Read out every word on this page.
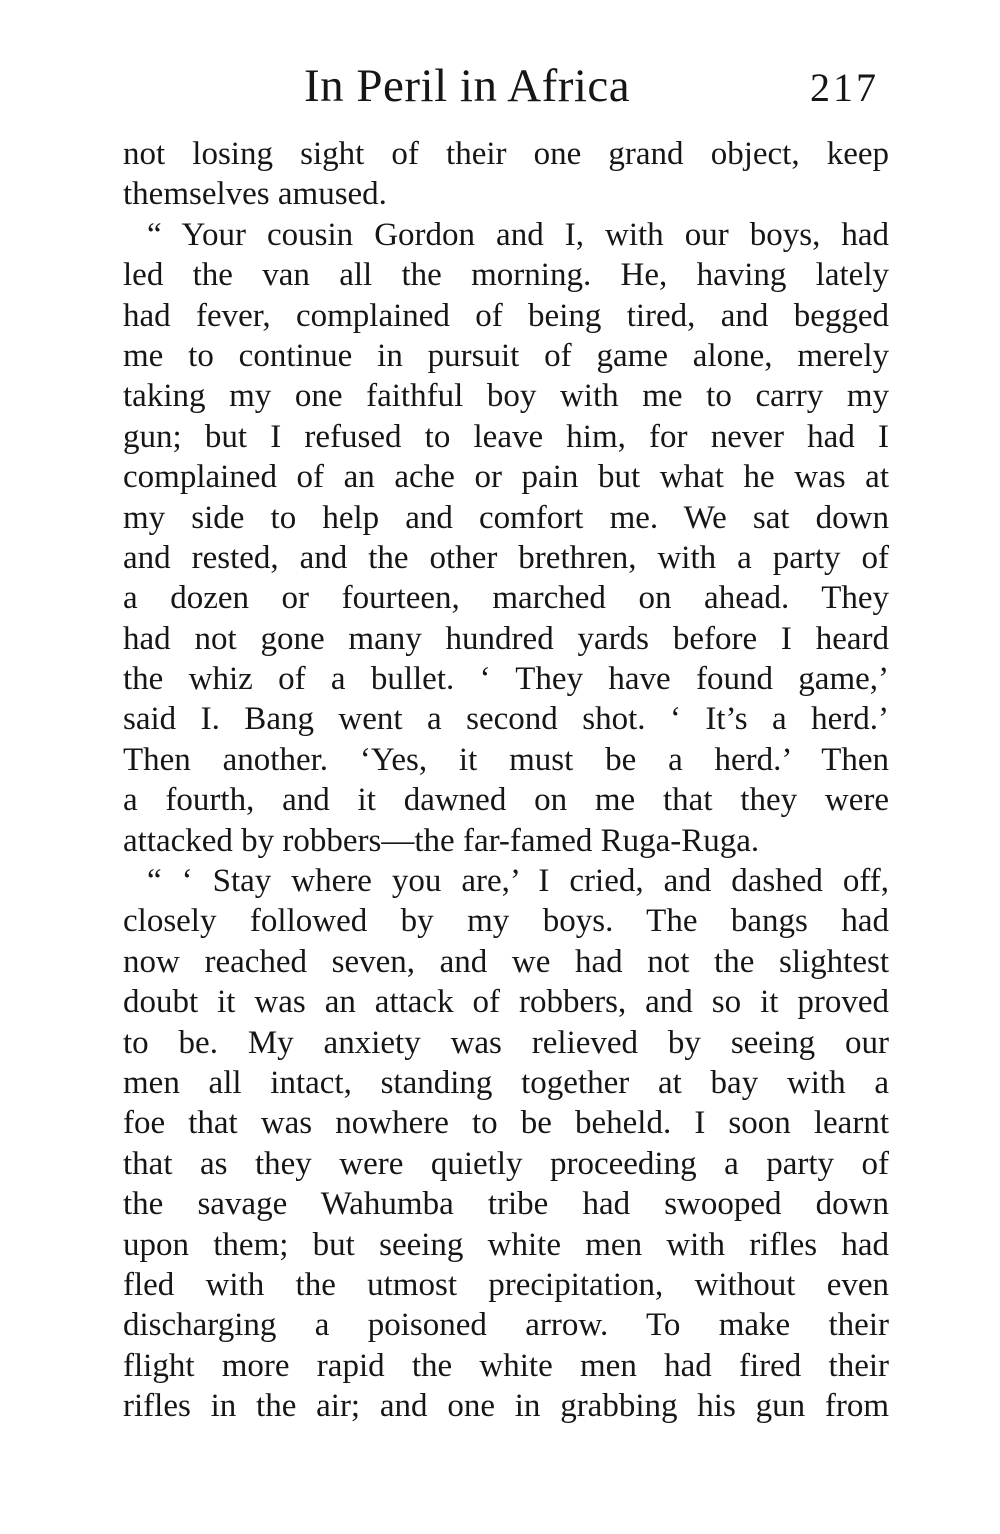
In Peril in Africa	217
not losing sight of their one grand object, keep
themselves amused.
“ Your cousin Gordon and I, with our boys, had
led the van all the morning. He, having lately
had fever, complained of being tired, and begged
me to continue in pursuit of game alone, merely
taking my one faithful boy with me to carry my
gun; but I refused to leave him, for never had I
complained of an ache or pain but what he was at
my side to help and comfort me. We sat down
and rested, and the other brethren, with a party of
a dozen or fourteen, marched on ahead. They
had not gone many hundred yards before I heard
the whiz of a bullet. ‘ They have found game,’
said I. Bang went a second shot. ‘ It’s a herd.’
Then another. ‘Yes, it must be a herd.’ Then
a fourth, and it dawned on me that they were
attacked by robbers—the far-famed Ruga-Ruga.
“ ‘ Stay where you are,’ I cried, and dashed off,
closely followed by my boys. The bangs had
now reached seven, and we had not the slightest
doubt it was an attack of robbers, and so it proved
to be. My anxiety was relieved by seeing our
men all intact, standing together at bay with a
foe that was nowhere to be beheld. I soon learnt
that as they were quietly proceeding a party of
the savage Wahumba tribe had swooped down
upon them; but seeing white men with rifles had
fled with the utmost precipitation, without even
discharging a poisoned arrow. To make their
flight more rapid the white men had fired their
rifles in the air; and one in grabbing his gun from
